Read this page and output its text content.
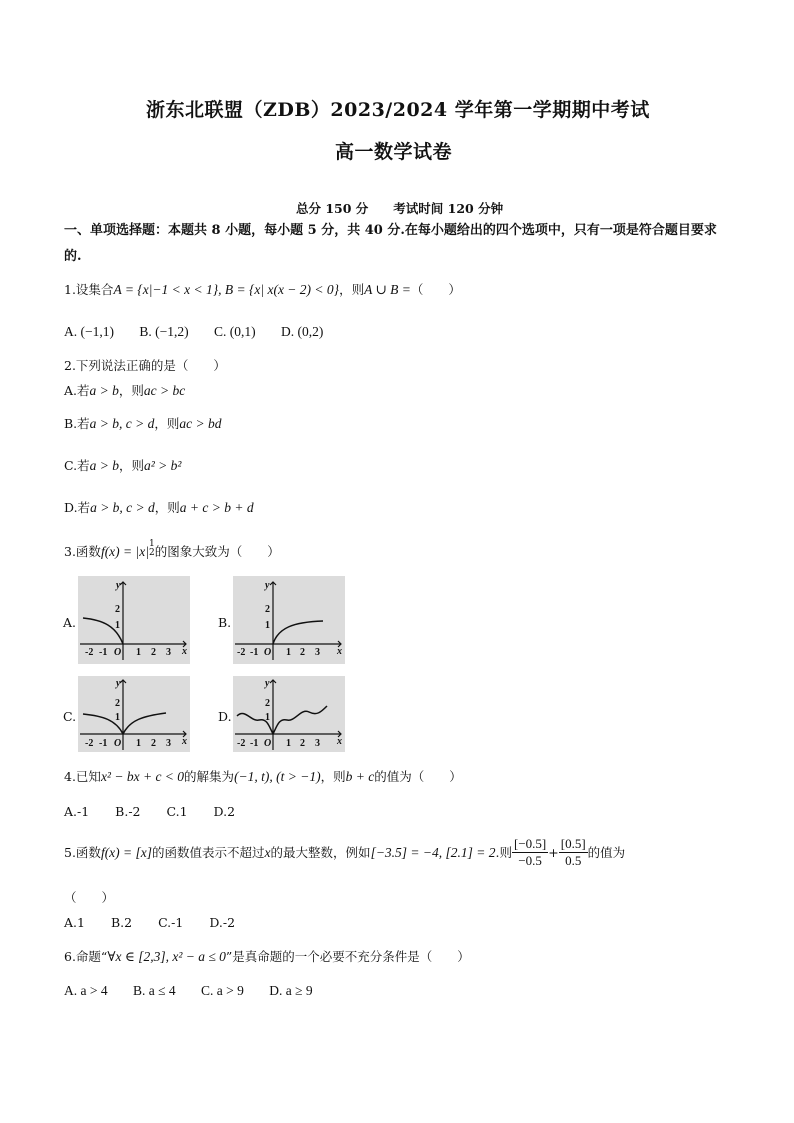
浙东北联盟（ZDB）2023/2024 学年第一学期期中考试
高一数学试卷
总分 150 分　　考试时间 120 分钟
一、单项选择题：本题共 8 小题，每小题 5 分，共 40 分.在每小题给出的四个选项中，只有一项是符合题目要求的.
1.设集合A = {x|−1 < x < 1}, B = {x| x(x − 2) < 0}，则A ∪ B =（　　）
A. (−1,1) B. (−1,2) C. (0,1) D. (0,2)
2.下列说法正确的是（　　）
A.若a > b，则ac > bc
B.若a > b, c > d，则ac > bd
C.若a > b，则a² > b²
D.若a > b, c > d，则a + c > b + d
3.函数f(x) = |x| $^{1 2}$ 的图象大致为（　　）
A.	B.
C.	D.
y
x
2
1
-2 -1 O 1 2 3
y
x
2
1
-2 -1 O 1 2 3
y
x
2
1
-2 -1 O 1 2 3
y
x
2
1
-2 -1 O 1 2 3
4.已知x² − bx + c < 0的解集为(−1, t), (t > −1)，则b + c的值为（　　）
A.-1 B.-2 C.1 D.2
5.函数 f(x) = [x] 的函数值表示不超过 x 的最大整数，例如 [−3.5] = −4, [2.1] = 2 .则 $\frac{[-0.5]}{-0.5} + \frac{[0.5]}{0.5}$ 的值为
（　　）
A.1 B.2 C.-1 D.-2
6.命题“∀x ∈ [2,3], x² − a ≤ 0”是真命题的一个必要不充分条件是（　　）
A. a > 4 B. a ≤ 4 C. a > 9 D. a ≥ 9
